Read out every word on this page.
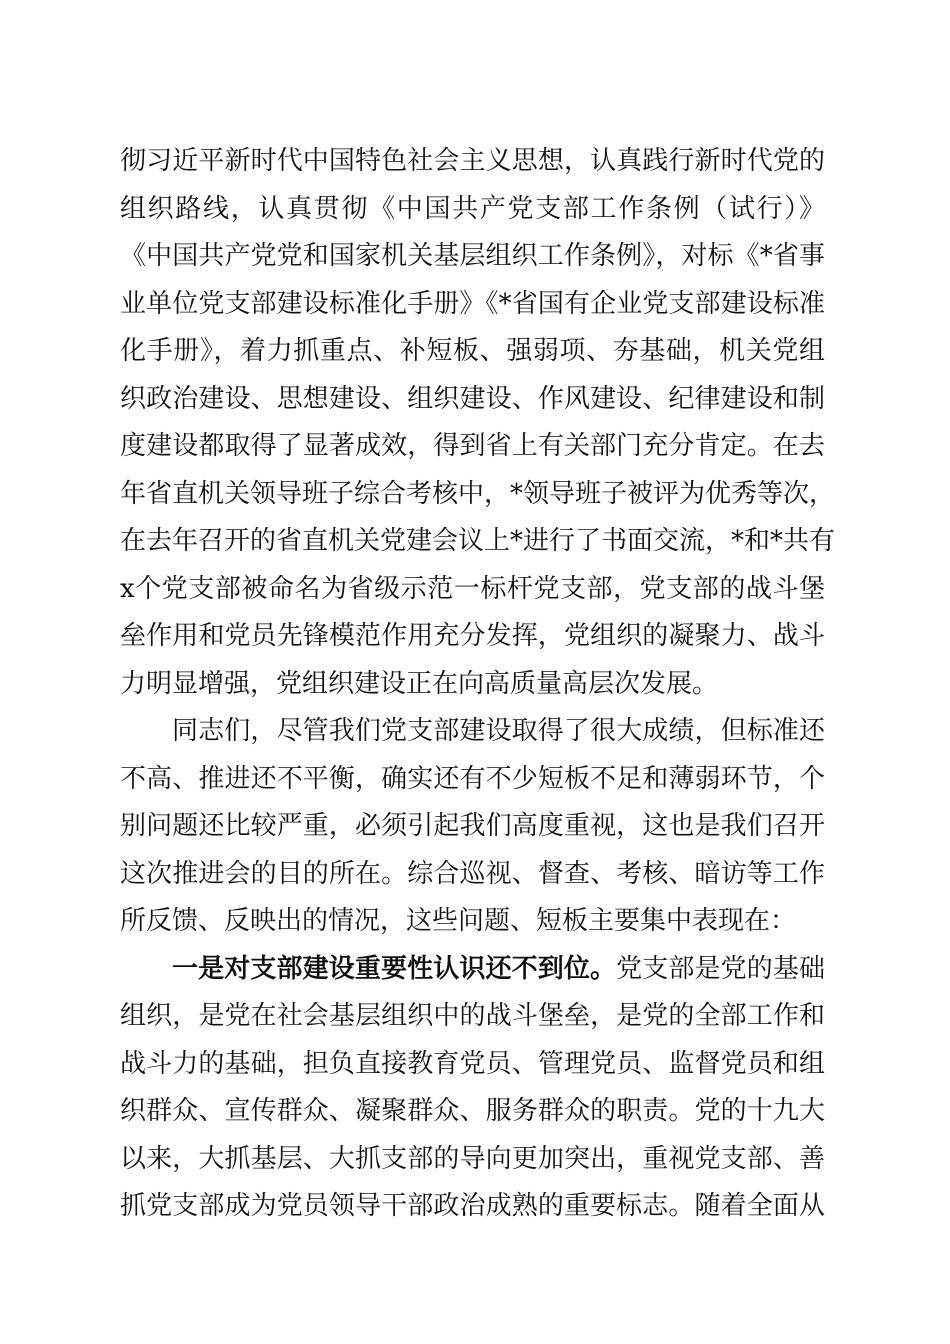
彻习近平新时代中国特色社会主义思想，认真践行新时代党的
组织路线，认真贯彻《中国共产党支部工作条例（试行）》
《中国共产党党和国家机关基层组织工作条例》，对标《*省事
业单位党支部建设标准化手册》《*省国有企业党支部建设标准
化手册》，着力抓重点、补短板、强弱项、夯基础，机关党组
织政治建设、思想建设、组织建设、作风建设、纪律建设和制
度建设都取得了显著成效，得到省上有关部门充分肯定。在去
年省直机关领导班子综合考核中，*领导班子被评为优秀等次，
在去年召开的省直机关党建会议上*进行了书面交流，*和*共有
x个党支部被命名为省级示范一标杆党支部，党支部的战斗堡
垒作用和党员先锋模范作用充分发挥，党组织的凝聚力、战斗
力明显增强，党组织建设正在向高质量高层次发展。
同志们，尽管我们党支部建设取得了很大成绩，但标准还
不高、推进还不平衡，确实还有不少短板不足和薄弱环节，个
别问题还比较严重，必须引起我们高度重视，这也是我们召开
这次推进会的目的所在。综合巡视、督查、考核、暗访等工作
所反馈、反映出的情况，这些问题、短板主要集中表现在：
一是对支部建设重要性认识还不到位。党支部是党的基础
组织，是党在社会基层组织中的战斗堡垒，是党的全部工作和
战斗力的基础，担负直接教育党员、管理党员、监督党员和组
织群众、宣传群众、凝聚群众、服务群众的职责。党的十九大
以来，大抓基层、大抓支部的导向更加突出，重视党支部、善
抓党支部成为党员领导干部政治成熟的重要标志。随着全面从
